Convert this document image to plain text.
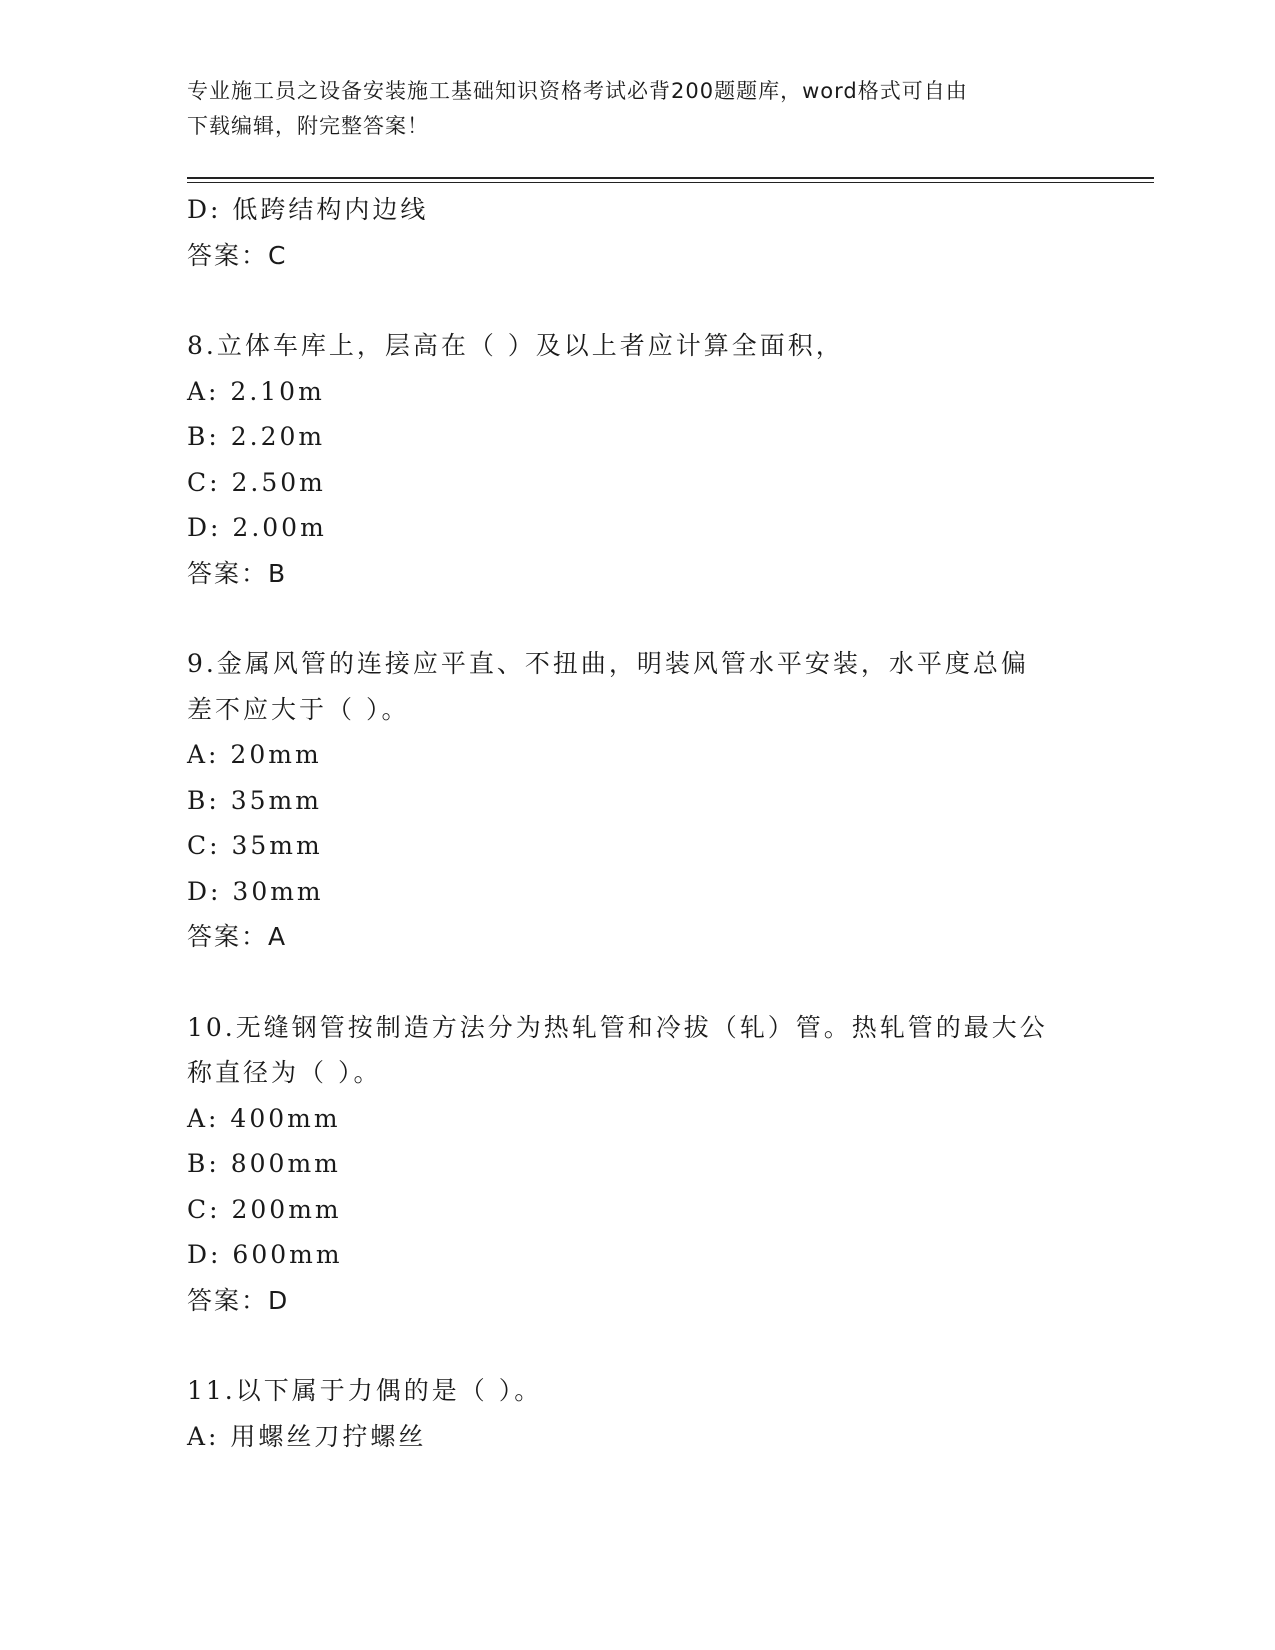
专业施工员之设备安装施工基础知识资格考试必背200题题库，word格式可自由
下载编辑，附完整答案！
D: 低跨结构内边线
答案：C
8.立体车库上，层高在（ ）及以上者应计算全面积，
A: 2.10m
B: 2.20m
C: 2.50m
D: 2.00m
答案：B
9.金属风管的连接应平直、不扭曲，明装风管水平安装，水平度总偏
差不应大于（ ）。
A: 20mm
B: 35mm
C: 35mm
D: 30mm
答案：A
10.无缝钢管按制造方法分为热轧管和冷拔（轧）管。热轧管的最大公
称直径为（ ）。
A: 400mm
B: 800mm
C: 200mm
D: 600mm
答案：D
11.以下属于力偶的是（ ）。
A: 用螺丝刀拧螺丝
